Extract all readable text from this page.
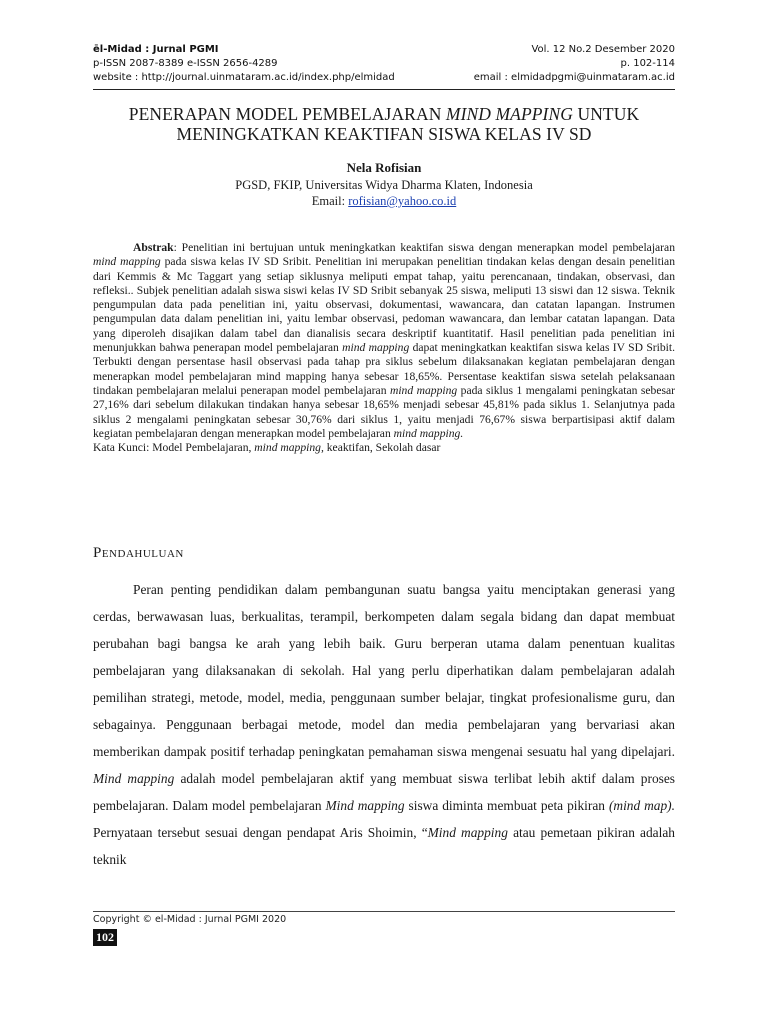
ēl-Midad : Jurnal PGMI	Vol. 12 No.2 Desember 2020
p-ISSN 2087-8389 e-ISSN 2656-4289	p. 102-114
website : http://journal.uinmataram.ac.id/index.php/elmidad	email : elmidadpgmi@uinmataram.ac.id
PENERAPAN MODEL PEMBELAJARAN MIND MAPPING UNTUK
MENINGKATKAN KEAKTIFAN SISWA KELAS IV SD
Nela Rofisian
PGSD, FKIP, Universitas Widya Dharma Klaten, Indonesia
Email: rofisian@yahoo.co.id

Abstrak: Penelitian ini bertujuan untuk meningkatkan keaktifan siswa dengan menerapkan model pembelajaran mind mapping pada siswa kelas IV SD Sribit. Penelitian ini merupakan penelitian tindakan kelas dengan desain penelitian dari Kemmis & Mc Taggart yang setiap siklusnya meliputi empat tahap, yaitu perencanaan, tindakan, observasi, dan refleksi.. Subjek penelitian adalah siswa siswi kelas IV SD Sribit sebanyak 25 siswa, meliputi 13 siswi dan 12 siswa. Teknik pengumpulan data pada penelitian ini, yaitu observasi, dokumentasi, wawancara, dan catatan lapangan. Instrumen pengumpulan data dalam penelitian ini, yaitu lembar observasi, pedoman wawancara, dan lembar catatan lapangan. Data yang diperoleh disajikan dalam tabel dan dianalisis secara deskriptif kuantitatif. Hasil penelitian pada penelitian ini menunjukkan bahwa penerapan model pembelajaran mind mapping dapat meningkatkan keaktifan siswa kelas IV SD Sribit. Terbukti dengan persentase hasil observasi pada tahap pra siklus sebelum dilaksanakan kegiatan pembelajaran dengan menerapkan model pembelajaran mind mapping hanya sebesar 18,65%. Persentase keaktifan siswa setelah pelaksanaan tindakan pembelajaran melalui penerapan model pembelajaran mind mapping pada siklus 1 mengalami peningkatan sebesar 27,16% dari sebelum dilakukan tindakan hanya sebesar 18,65% menjadi sebesar 45,81% pada siklus 1. Selanjutnya pada siklus 2 mengalami peningkatan sebesar 30,76% dari siklus 1, yaitu menjadi 76,67% siswa berpartisipasi aktif dalam kegiatan pembelajaran dengan menerapkan model pembelajaran mind mapping.

Kata Kunci: Model Pembelajaran, mind mapping, keaktifan, Sekolah dasar

Pendahuluan

Peran penting pendidikan dalam pembangunan suatu bangsa yaitu menciptakan generasi yang cerdas, berwawasan luas, berkualitas, terampil, berkompeten dalam segala bidang dan dapat membuat perubahan bagi bangsa ke arah yang lebih baik. Guru berperan utama dalam penentuan kualitas pembelajaran yang dilaksanakan di sekolah. Hal yang perlu diperhatikan dalam pembelajaran adalah pemilihan strategi, metode, model, media, penggunaan sumber belajar, tingkat profesionalisme guru, dan sebagainya. Penggunaan berbagai metode, model dan media pembelajaran yang bervariasi akan memberikan dampak positif terhadap peningkatan pemahaman siswa mengenai sesuatu hal yang dipelajari. Mind mapping adalah model pembelajaran aktif yang membuat siswa terlibat lebih aktif dalam proses pembelajaran. Dalam model pembelajaran Mind mapping siswa diminta membuat peta pikiran (mind map). Pernyataan tersebut sesuai dengan pendapat Aris Shoimin, “Mind mapping atau pemetaan pikiran adalah teknik

Copyright © el-Midad : Jurnal PGMI 2020
102
